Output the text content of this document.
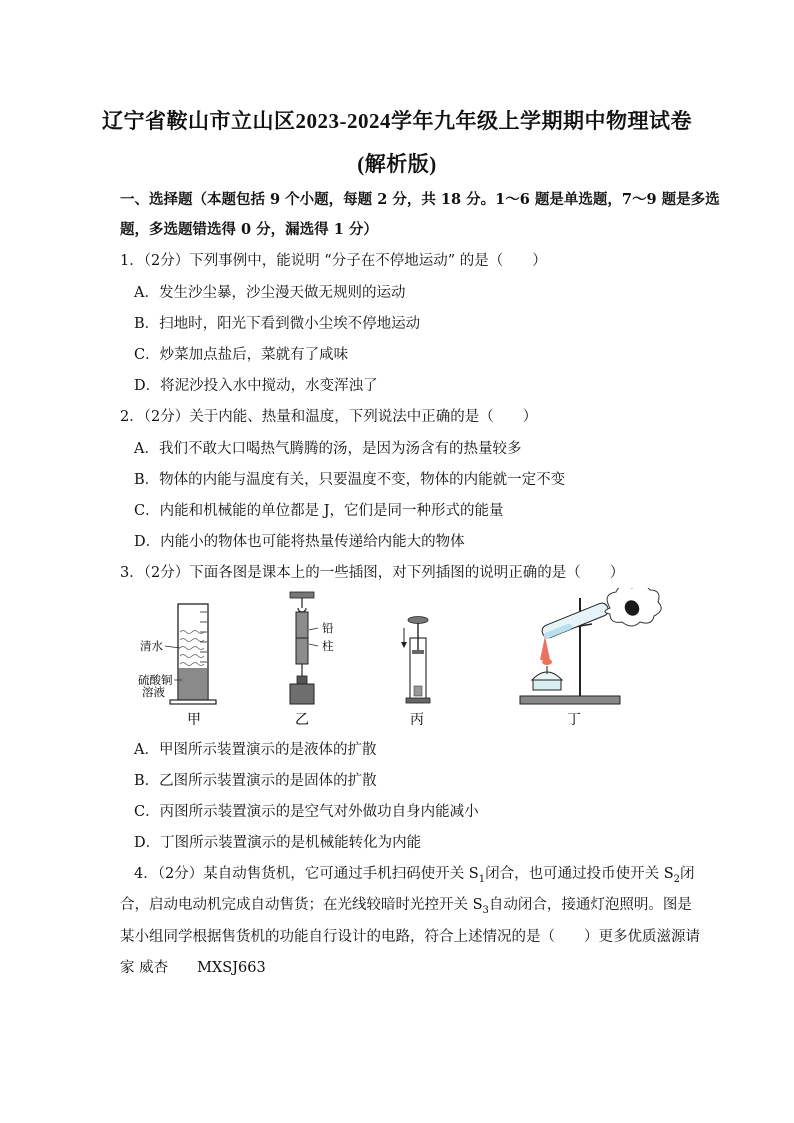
辽宁省鞍山市立山区2023-2024学年九年级上学期期中物理试卷
(解析版)
一、选择题（本题包括 9 个小题，每题 2 分，共 18 分。1～6 题是单选题，7～9 题是多选
题，多选题错选得 0 分，漏选得 1 分）
1．（2分）下列事例中，能说明 “分子在不停地运动” 的是（　　）
A．发生沙尘暴，沙尘漫天做无规则的运动
B．扫地时，阳光下看到微小尘埃不停地运动
C．炒菜加点盐后，菜就有了咸味
D．将泥沙投入水中搅动，水变浑浊了
2．（2分）关于内能、热量和温度，下列说法中正确的是（　　）
A．我们不敢大口喝热气腾腾的汤，是因为汤含有的热量较多
B．物体的内能与温度有关，只要温度不变，物体的内能就一定不变
C．内能和机械能的单位都是 J，它们是同一种形式的能量
D．内能小的物体也可能将热量传递给内能大的物体
3．（2分）下面各图是课本上的一些插图，对下列插图的说明正确的是（　　）
清水
硫酸铜
溶液
甲
铅
柱
乙	丙	丁
A．甲图所示装置演示的是液体的扩散
B．乙图所示装置演示的是固体的扩散
C．丙图所示装置演示的是空气对外做功自身内能减小
D．丁图所示装置演示的是机械能转化为内能
4．（2分）某自动售货机，它可通过手机扫码使开关 $S_1$闭合，也可通过投币使开关 $S_2$闭
合，启动电动机完成自动售货；在光线较暗时光控开关 $S_3$自动闭合，接通灯泡照明。图是
某小组同学根据售货机的功能自行设计的电路，符合上述情况的是（　　）更多优质滋源请
家 威杏　　MXSJ663
